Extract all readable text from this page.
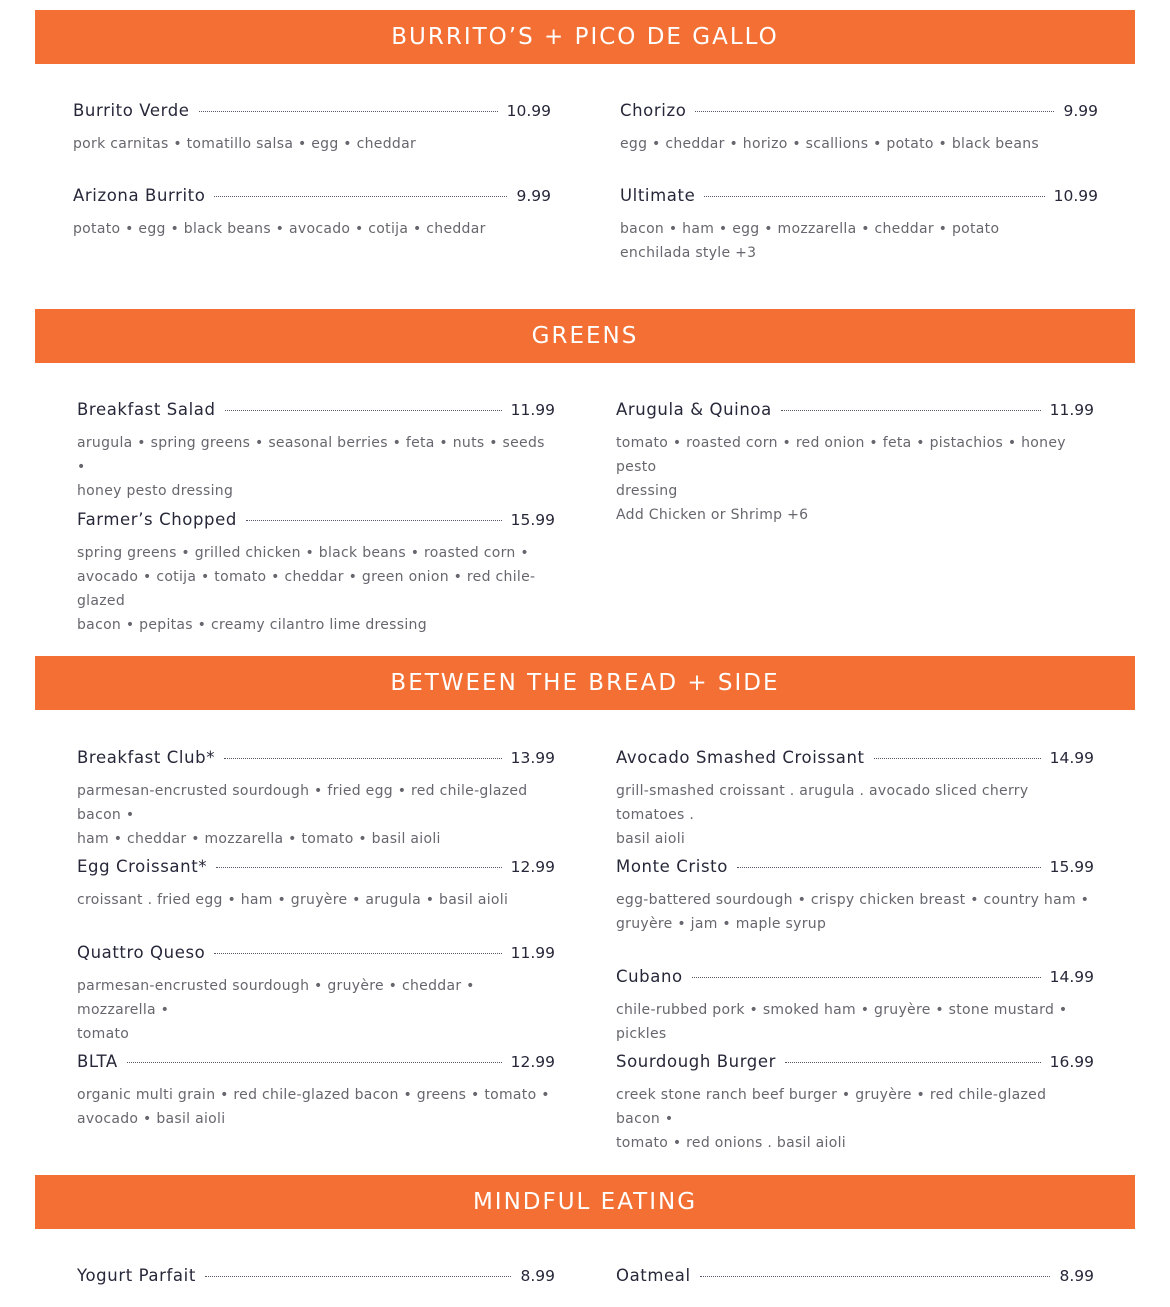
BURRITO’S + PICO DE GALLO
Burrito Verde	10.99
pork carnitas • tomatillo salsa • egg • cheddar
Chorizo	9.99
egg • cheddar • horizo • scallions • potato • black beans
Arizona Burrito	9.99
potato • egg • black beans • avocado • cotija • cheddar
Ultimate	10.99
bacon • ham • egg • mozzarella • cheddar • potato
enchilada style +3
GREENS
Breakfast Salad	11.99
arugula • spring greens • seasonal berries • feta • nuts • seeds •
honey pesto dressing
Arugula & Quinoa	11.99
tomato • roasted corn • red onion • feta • pistachios • honey pesto
dressing
Add Chicken or Shrimp +6
Farmer’s Chopped	15.99
spring greens • grilled chicken • black beans • roasted corn •
avocado • cotija • tomato • cheddar • green onion • red chile-glazed
bacon • pepitas • creamy cilantro lime dressing
BETWEEN THE BREAD + SIDE
Breakfast Club*	13.99
parmesan-encrusted sourdough • fried egg • red chile-glazed bacon •
ham • cheddar • mozzarella • tomato • basil aioli
Avocado Smashed Croissant	14.99
grill-smashed croissant . arugula . avocado sliced cherry tomatoes .
basil aioli
Egg Croissant*	12.99
croissant . fried egg • ham • gruyère • arugula • basil aioli
Monte Cristo	15.99
egg-battered sourdough • crispy chicken breast • country ham •
gruyère • jam • maple syrup
Quattro Queso	11.99
parmesan-encrusted sourdough • gruyère • cheddar • mozzarella •
tomato
Cubano	14.99
chile-rubbed pork • smoked ham • gruyère • stone mustard • pickles
BLTA	12.99
organic multi grain • red chile-glazed bacon • greens • tomato •
avocado • basil aioli
Sourdough Burger	16.99
creek stone ranch beef burger • gruyère • red chile-glazed bacon •
tomato • red onions . basil aioli
MINDFUL EATING
Yogurt Parfait	8.99	Oatmeal	8.99
